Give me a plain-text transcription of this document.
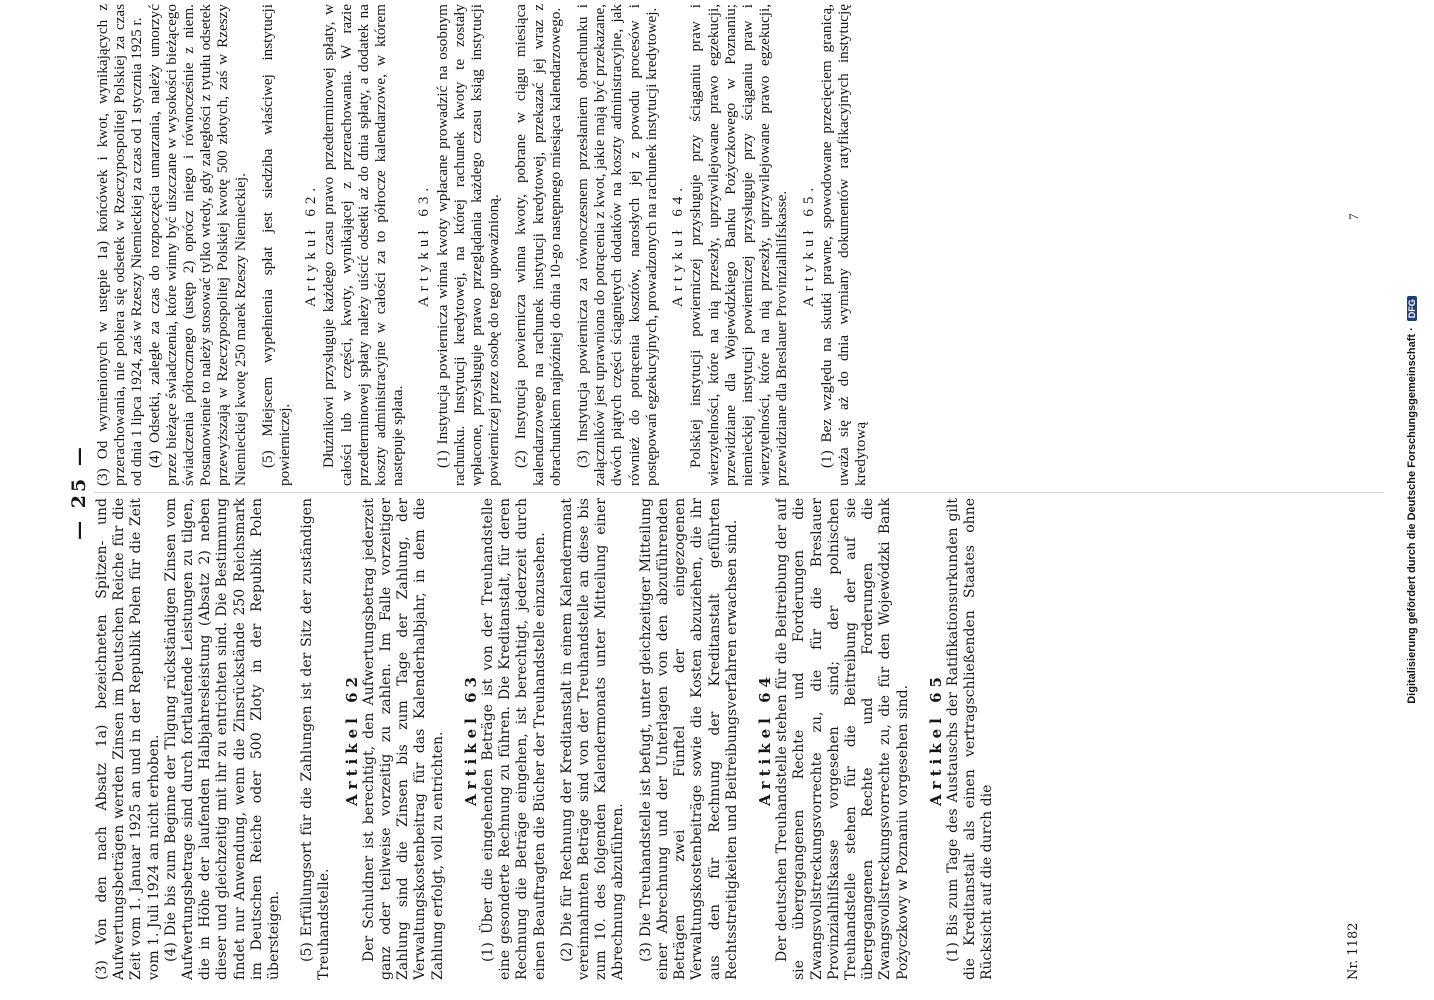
— 25 —

(3) Von den nach Absatz 1a) bezeichneten Spitzen- und Aufwertungsbeträgen werden Zinsen im Deutschen Reiche für die Zeit vom 1. Januar 1925 an und in der Republik Polen für die Zeit vom 1. Juli 1924 an nicht erhoben. (4) Die bis zum Beginne der Tilgung rückständigen Zinsen vom Aufwertungsbetrage sind durch fortlaufende Leistungen zu tilgen, die in Höhe der laufenden Halbjahresleistung (Absatz 2) neben dieser und gleichzeitig mit ihr zu entrichten sind. Die Bestimmung findet nur Anwendung, wenn die Zinsrückstände 250 Reichsmark im Deutschen Reiche oder 500 Zloty in der Republik Polen übersteigen. (5) Erfüllungsort für die Zahlungen ist der Sitz der zuständigen Treuhandstelle.

Artikel 62 Der Schuldner ist berechtigt, den Aufwertungsbetrag jederzeit ganz oder teilweise vorzeitig zu zahlen. Im Falle vorzeitiger Zahlung sind die Zinsen bis zum Tage der Zahlung, der Verwaltungskostenbeitrag für das Kalenderhalbjahr, in dem die Zahlung erfolgt, voll zu entrichten. Artikel 63 (1) Über die eingehenden Beträge ist von der Treuhandstelle eine gesonderte Rechnung zu führen. Die Kreditanstalt, für deren Rechnung die Beträge eingehen, ist berechtigt, jederzeit durch einen Beauftragten die Bücher der Treuhandstelle einzusehen. (2) Die für Rechnung der Kreditanstalt in einem Kalendermonat vereinnahmten Beträge sind von der Treuhandstelle an diese bis zum 10. des folgenden Kalendermonats unter Mitteilung einer Abrechnung abzuführen. (3) Die Treuhandstelle ist befugt, unter gleichzeitiger Mitteilung einer Abrechnung und der Unterlagen von den abzuführenden Beträgen zwei Fünftel der eingezogenen Verwaltungskostenbeiträge sowie die Kosten abzuziehen, die ihr aus den für Rechnung der Kreditanstalt geführten Rechtsstreitigkeiten und Beitreibungsverfahren erwachsen sind. Artikel 64 Der deutschen Treuhandstelle stehen für die Beitreibung der auf sie übergegangenen Rechte und Forderungen die Zwangsvollstreckungsvorrechte zu, die für die Breslauer Provinzialhilfskasse vorgesehen sind; der polnischen Treuhandstelle stehen für die Beitreibung der auf sie übergegangenen Rechte und Forderungen die Zwangsvollstreckungsvorrechte zu, die für den Wojewódzki Bank Pożyczkowy w Poznaniu vorgesehen sind. Artikel 65 (1) Bis zum Tage des Austauschs der Ratifikationsurkunden gilt die Kreditanstalt als einen vertragschließenden Staates ohne Rücksicht auf die durch die

(3) Od wymienionych w ustępie 1a) końcówek i kwot, wynikających z przerachowania, nie pobiera się odsetek w Rzeczypospolitej Polskiej za czas od dnia 1 lipca 1924, zaś w Rzeszy Niemieckiej za czas od 1 stycznia 1925 r. (4) Odsetki, zaległe za czas do rozpoczęcia umarzania, należy umorzyć przez bieżące świadczenia, które winny być uiszczane w wysokości bieżącego świadczenia półrocznego (ustęp 2) oprócz niego i równocześnie z niem. Postanowienie to należy stosować tylko wtedy, gdy zaległości z tytułu odsetek przewyższają w Rzeczypospolitej Polskiej kwotę 500 złotych, zaś w Rzeszy Niemieckiej kwotę 250 marek Rzeszy Niemieckiej. (5) Miejscem wypełnienia spłat jest siedziba właściwej instytucji powierniczej.

Artykuł 62. Dłużnikowi przysługuje każdego czasu prawo przedterminowej spłaty, w całości lub w części, kwoty, wynikającej z przerachowania. W razie przedterminowej spłaty należy uiścić odsetki aż do dnia spłaty, a dodatek na koszty administracyjne w całości za to półrocze kalendarzowe, w którem nastepuje spłata.

Artykuł 63. (1) Instytucja powiernicza winna kwoty wpłacane prowadzić na osobnym rachunku. Instytucji kredytowej, na której rachunek kwoty te zostały wpłacone, przysługuje prawo przeglądania każdego czasu ksiąg instytucji powierniczej przez osobę do tego upoważnioną. (2) Instytucja powiernicza winna kwoty, pobrane w ciągu miesiąca kalendarzowego na rachunek instytucji kredytowej, przekazać jej wraz z obrachunkiem najpóźniej do dnia 10-go następnego miesiąca kalendarzowego. (3) Instytucja powiernicza za równoczesnem przesłaniem obrachunku i załączników jest uprawniona do potrącenia z kwot, jakie mają być przekazane, dwóch piątych części ściągniętych dodatków na koszty administracyjne, jak również do potrącenia kosztów, narosłych jej z powodu procesów i postępowań egzekucyjnych, prowadzonych na rachunek instytucji kredytowej. Artykuł 64. Polskiej instytucji powierniczej przysługuje przy ściąganiu praw i wierzytelności, które na nią przeszły, uprzywilejowane prawo egzekucji, przewidziane dla Wojewódzkiego Banku Pożyczkowego w Poznaniu; niemieckiej instytucji powierniczej przysługuje przy ściąganiu praw i wierzytelności, które na nią przeszły, uprzywilejowane prawo egzekucji, przewidziane dla Breslauer Provinzialhilfskasse. Artykuł 65. (1) Bez względu na skutki prawne, spowodowane przecięciem granicą, uważa się aż do dnia wymiany dokumentów ratyfikacyjnych instytucję kredytową

Nr. 1182
7
Digitalisierung gefördert durch die Deutsche Forschungsgemeinschaft ·DFG
